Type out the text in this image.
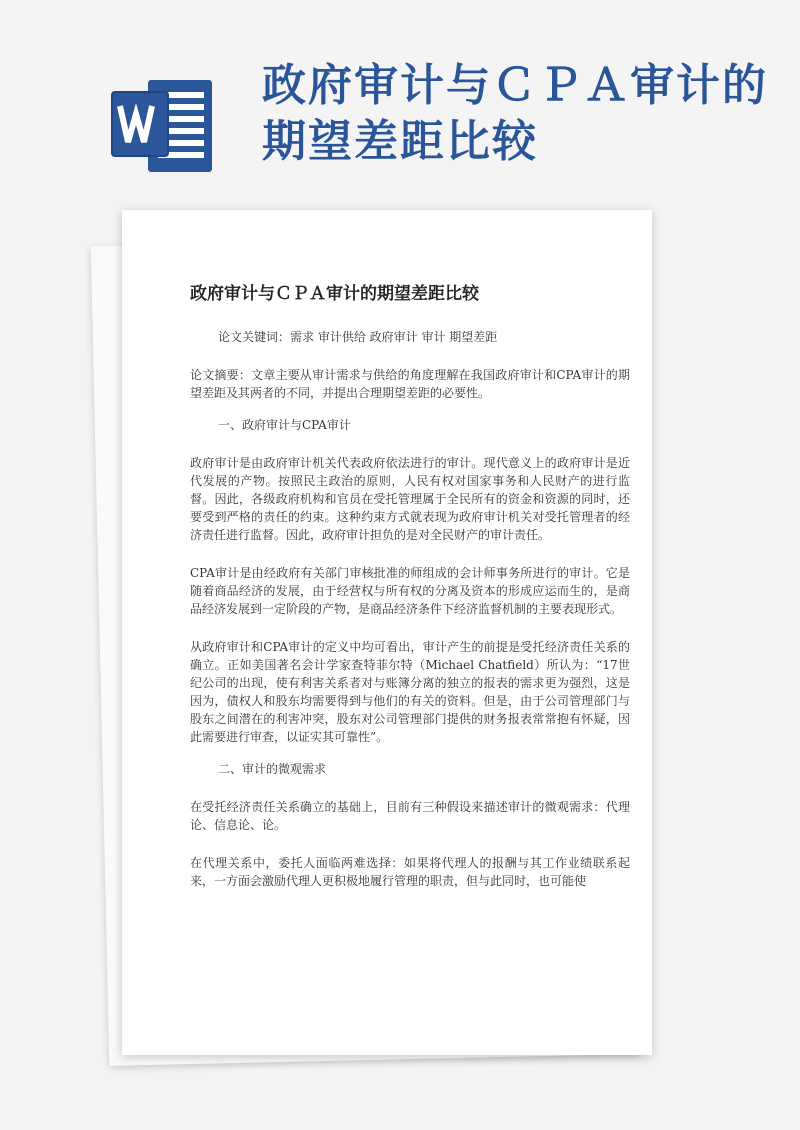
政府审计与ＣＰＡ审计的期望差距比较
政府审计与ＣＰＡ审计的期望差距比较

论文关键词：需求 审计供给 政府审计 审计 期望差距

论文摘要：文章主要从审计需求与供给的角度理解在我国政府审计和CPA审计的期望差距及其两者的不同，并提出合理期望差距的必要性。

一、政府审计与CPA审计

政府审计是由政府审计机关代表政府依法进行的审计。现代意义上的政府审计是近代发展的产物。按照民主政治的原则，人民有权对国家事务和人民财产的进行监督。因此，各级政府机构和官员在受托管理属于全民所有的资金和资源的同时，还要受到严格的责任的约束。这种约束方式就表现为政府审计机关对受托管理者的经济责任进行监督。因此，政府审计担负的是对全民财产的审计责任。

CPA审计是由经政府有关部门审核批准的师组成的会计师事务所进行的审计。它是随着商品经济的发展，由于经营权与所有权的分离及资本的形成应运而生的，是商品经济发展到一定阶段的产物，是商品经济条件下经济监督机制的主要表现形式。

从政府审计和CPA审计的定义中均可看出，审计产生的前提是受托经济责任关系的确立。正如美国著名会计学家查特菲尔特（Michael Chatfield）所认为：“17世纪公司的出现，使有利害关系者对与账簿分离的独立的报表的需求更为强烈，这是因为，债权人和股东均需要得到与他们的有关的资料。但是，由于公司管理部门与股东之间潜在的利害冲突，股东对公司管理部门提供的财务报表常常抱有怀疑，因此需要进行审查，以证实其可靠性”。

二、审计的微观需求

在受托经济责任关系确立的基础上，目前有三种假设来描述审计的微观需求：代理论、信息论、论。

在代理关系中，委托人面临两难选择：如果将代理人的报酬与其工作业绩联系起来，一方面会激励代理人更积极地履行管理的职责，但与此同时，也可能使
